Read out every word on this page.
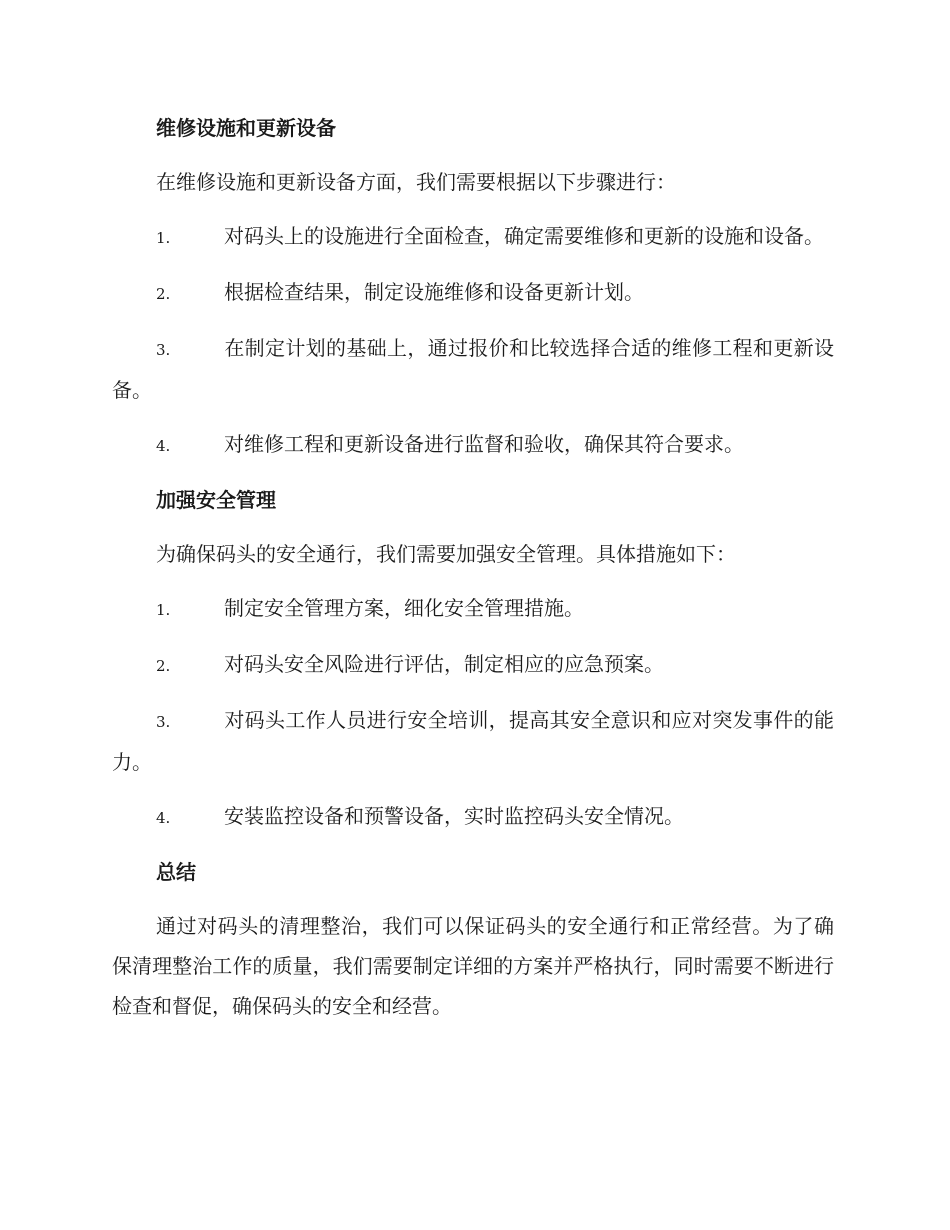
维修设施和更新设备

在维修设施和更新设备方面，我们需要根据以下步骤进行：

1.	对码头上的设施进行全面检查，确定需要维修和更新的设施和设备。

2.	根据检查结果，制定设施维修和设备更新计划。

3.	在制定计划的基础上，通过报价和比较选择合适的维修工程和更新设备。

4.	对维修工程和更新设备进行监督和验收，确保其符合要求。

加强安全管理

为确保码头的安全通行，我们需要加强安全管理。具体措施如下：

1.	制定安全管理方案，细化安全管理措施。

2.	对码头安全风险进行评估，制定相应的应急预案。

3.	对码头工作人员进行安全培训，提高其安全意识和应对突发事件的能力。

4.	安装监控设备和预警设备，实时监控码头安全情况。

总结

通过对码头的清理整治，我们可以保证码头的安全通行和正常经营。为了确保清理整治工作的质量，我们需要制定详细的方案并严格执行，同时需要不断进行检查和督促，确保码头的安全和经营。
